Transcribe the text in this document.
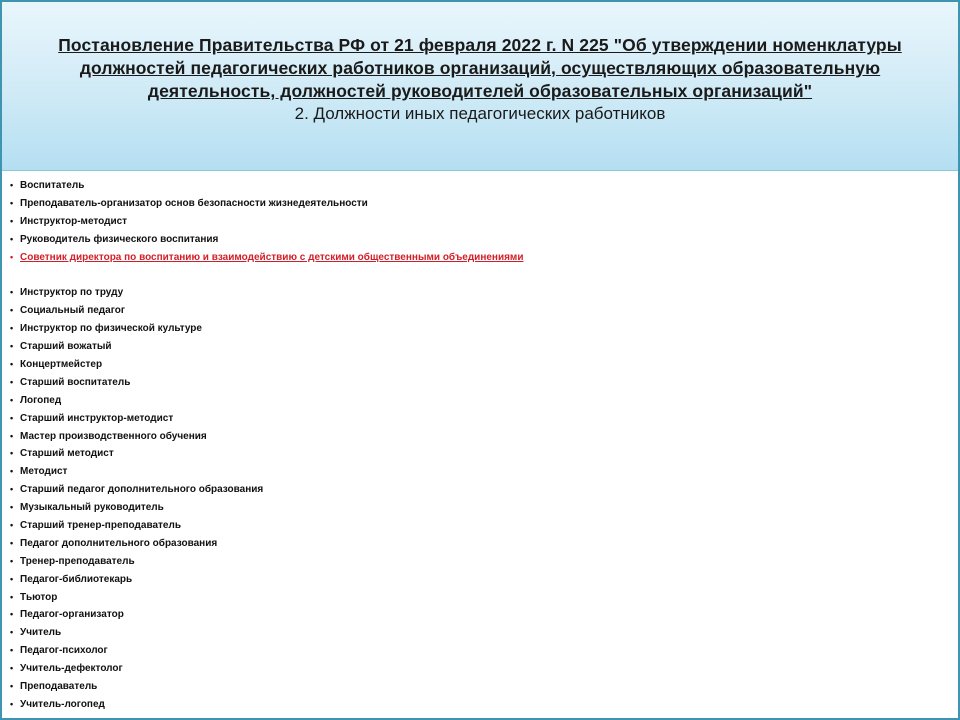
Постановление Правительства РФ от 21 февраля 2022 г. N 225 "Об утверждении номенклатуры
должностей педагогических работников организаций, осуществляющих образовательную
деятельность, должностей руководителей образовательных организаций"
2. Должности иных педагогических работников
• Воспитатель
• Преподаватель-организатор основ безопасности жизнедеятельности
• Инструктор-методист
• Руководитель физического воспитания
• Советник директора по воспитанию и взаимодействию с детскими общественными объединениями
• Инструктор по труду
• Социальный педагог
• Инструктор по физической культуре
• Старший вожатый
• Концертмейстер
• Старший воспитатель
• Логопед
• Старший инструктор-методист
• Мастер производственного обучения
• Старший методист
• Методист
• Старший педагог дополнительного образования
• Музыкальный руководитель
• Старший тренер-преподаватель
• Педагог дополнительного образования
• Тренер-преподаватель
• Педагог-библиотекарь
• Тьютор
• Педагог-организатор
• Учитель
• Педагог-психолог
• Учитель-дефектолог
• Преподаватель
• Учитель-логопед
